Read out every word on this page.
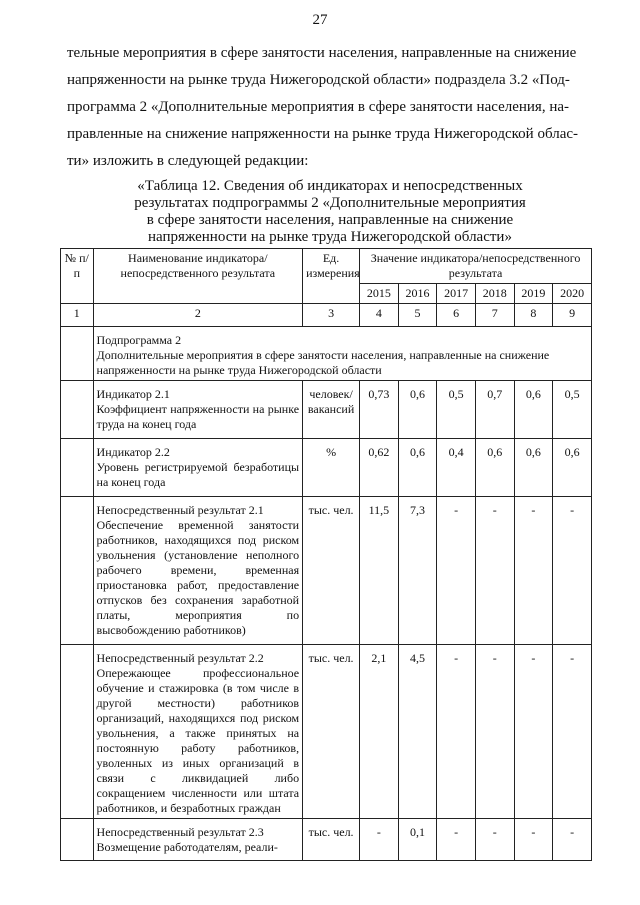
27

тельные мероприятия в сфере занятости населения, направленные на снижение

напряженности на рынке труда Нижегородской области» подраздела 3.2 «Под-

программа 2 «Дополнительные мероприятия в сфере занятости населения, на-

правленные на снижение напряженности на рынке труда Нижегородской облас-

ти» изложить в следующей редакции:

«Таблица 12. Сведения об индикаторах и непосредственных

результатах подпрограммы 2 «Дополнительные мероприятия

в сфере занятости населения, направленные на снижение

напряженности на рынке труда Нижегородской области»

№ п/п	Наименование индикатора/непосредственного результата	Ед. измерения	Значение индикатора/непосредственного результата					
			2015	2016	2017	2018	2019	2020
1	2	3	4	5	6	7	8	9

	Подпрограмма 2
Дополнительные мероприятия в сфере занятости населения, направленные на снижение напряженности на рынке труда Нижегородской области							

	Индикатор 2.1
Коэффициент напряженности на рынке труда на конец года	человек/вакансий	0,73	0,6	0,5	0,7	0,6	0,5

	Индикатор 2.2
Уровень регистрируемой безработицы на конец года	%	0,62	0,6	0,4	0,6	0,6	0,6

	Непосредственный результат 2.1
Обеспечение временной занятости работников, находящихся под риском увольнения (установление неполного рабочего времени, временная приостановка работ, предоставление отпусков без сохранения заработной платы, мероприятия по высвобождению работников)	тыс. чел.	11,5	7,3	-	-	-	-

	Непосредственный результат 2.2
Опережающее профессиональное обучение и стажировка (в том числе в другой местности) работников организаций, находящихся под риском увольнения, а также принятых на постоянную работу работников, уволенных из иных организаций в связи с ликвидацией либо сокращением численности или штата работников, и безработных граждан	тыс. чел.	2,1	4,5	-	-	-	-

	Непосредственный результат 2.3
Возмещение работодателям, реали-	тыс. чел.	-	0,1	-	-	-	-
